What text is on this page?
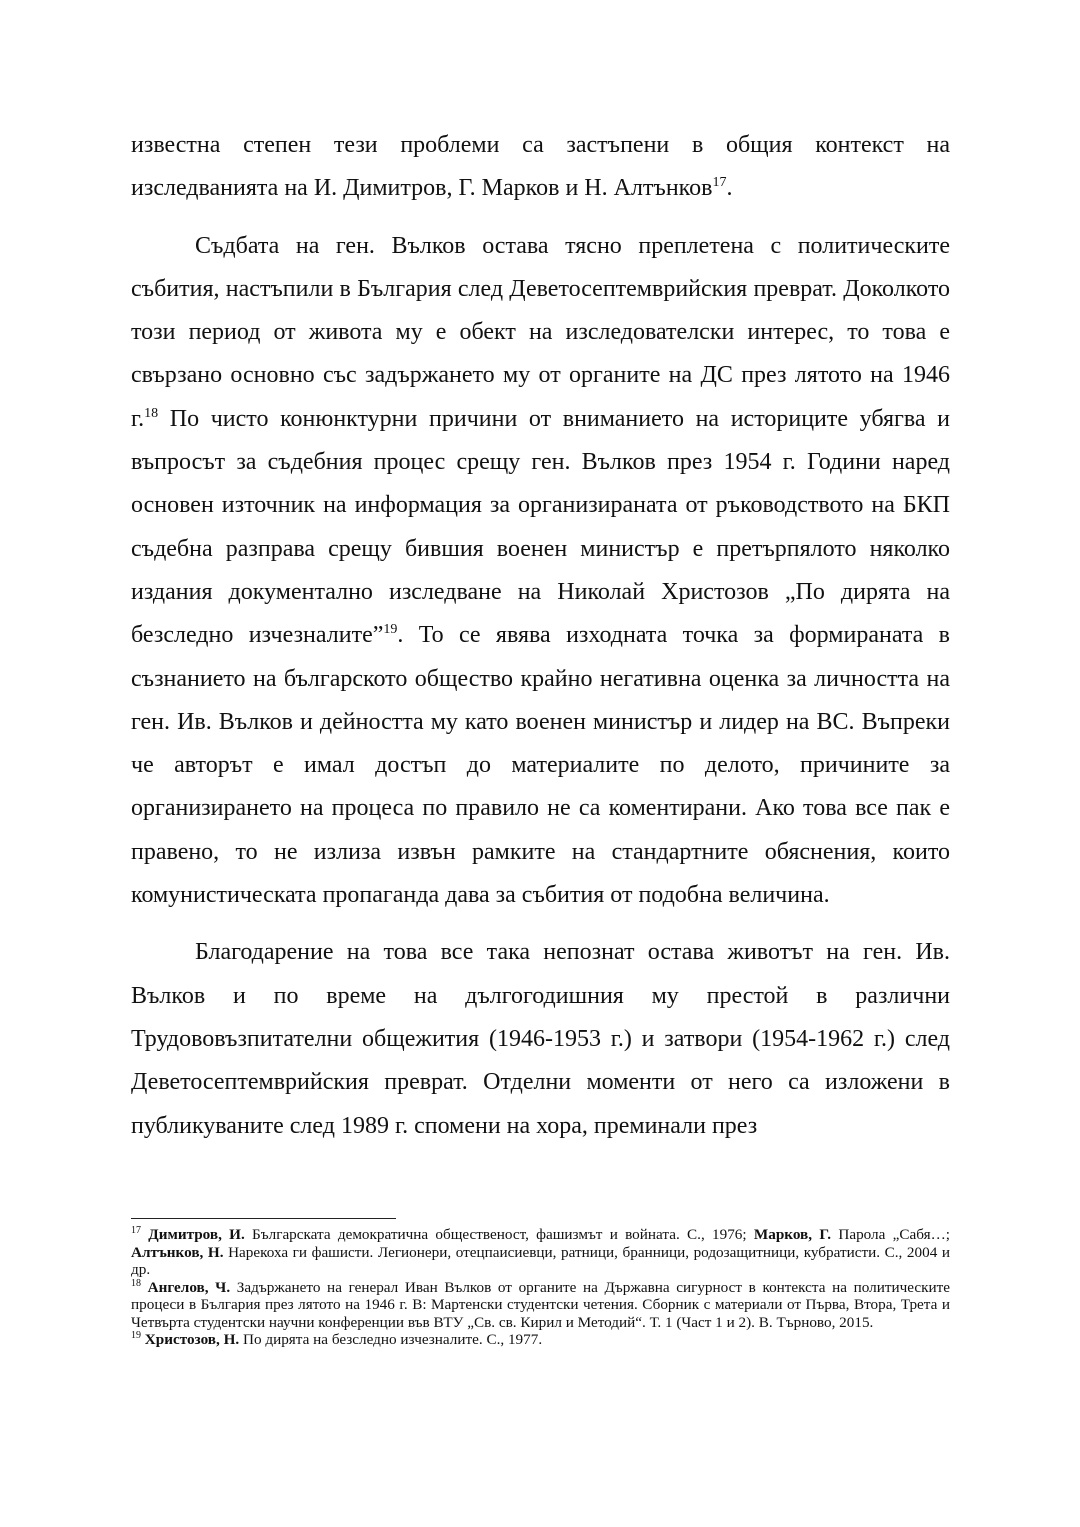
известна степен тези проблеми са застъпени в общия контекст на изследванията на И. Димитров, Г. Марков и Н. Алтънков$^{17}$.

Съдбата на ген. Вълков остава тясно преплетена с политическите събития, настъпили в България след Деветосептемврийския преврат. Доколкото този период от живота му е обект на изследователски интерес, то това е свързано основно със задържането му от органите на ДС през лятото на 1946 г.$^{18}$ По чисто конюнктурни причини от вниманието на историците убягва и въпросът за съдебния процес срещу ген. Вълков през 1954 г. Години наред основен източник на информация за организираната от ръководството на БКП съдебна разправа срещу бившия военен министър е претърпялото няколко издания документално изследване на Николай Христозов „По дирята на безследно изчезналите”$^{19}$. То се явява изходната точка за формираната в съзнанието на българското общество крайно негативна оценка за личността на ген. Ив. Вълков и дейността му като военен министър и лидер на ВС. Въпреки че авторът е имал достъп до материалите по делото, причините за организирането на процеса по правило не са коментирани. Ако това все пак е правено, то не излиза извън рамките на стандартните обяснения, които комунистическата пропаганда дава за събития от подобна величина.

Благодарение на това все така непознат остава животът на ген. Ив. Вълков и по време на дългогодишния му престой в различни Трудововъзпитателни общежития (1946-1953 г.) и затвори (1954-1962 г.) след Деветосептемврийския преврат. Отделни моменти от него са изложени в публикуваните след 1989 г. спомени на хора, преминали през

$^{17}$ Димитров, И. Българската демократична общественост, фашизмът и войната. С., 1976; Марков, Г. Парола „Сабя…; Алтънков, Н. Нарекоха ги фашисти. Легионери, отецпаисиевци, ратници, бранници, родозащитници, кубратисти. С., 2004 и др.

$^{18}$ Ангелов, Ч. Задържането на генерал Иван Вълков от органите на Държавна сигурност в контекста на политическите процеси в България през лятото на 1946 г. В: Мартенски студентски четения. Сборник с материали от Първа, Втора, Трета и Четвърта студентски научни конференции във ВТУ „Св. св. Кирил и Методий“. Т. 1 (Част 1 и 2). В. Търново, 2015.

$^{19}$ Христозов, Н. По дирята на безследно изчезналите. С., 1977.
